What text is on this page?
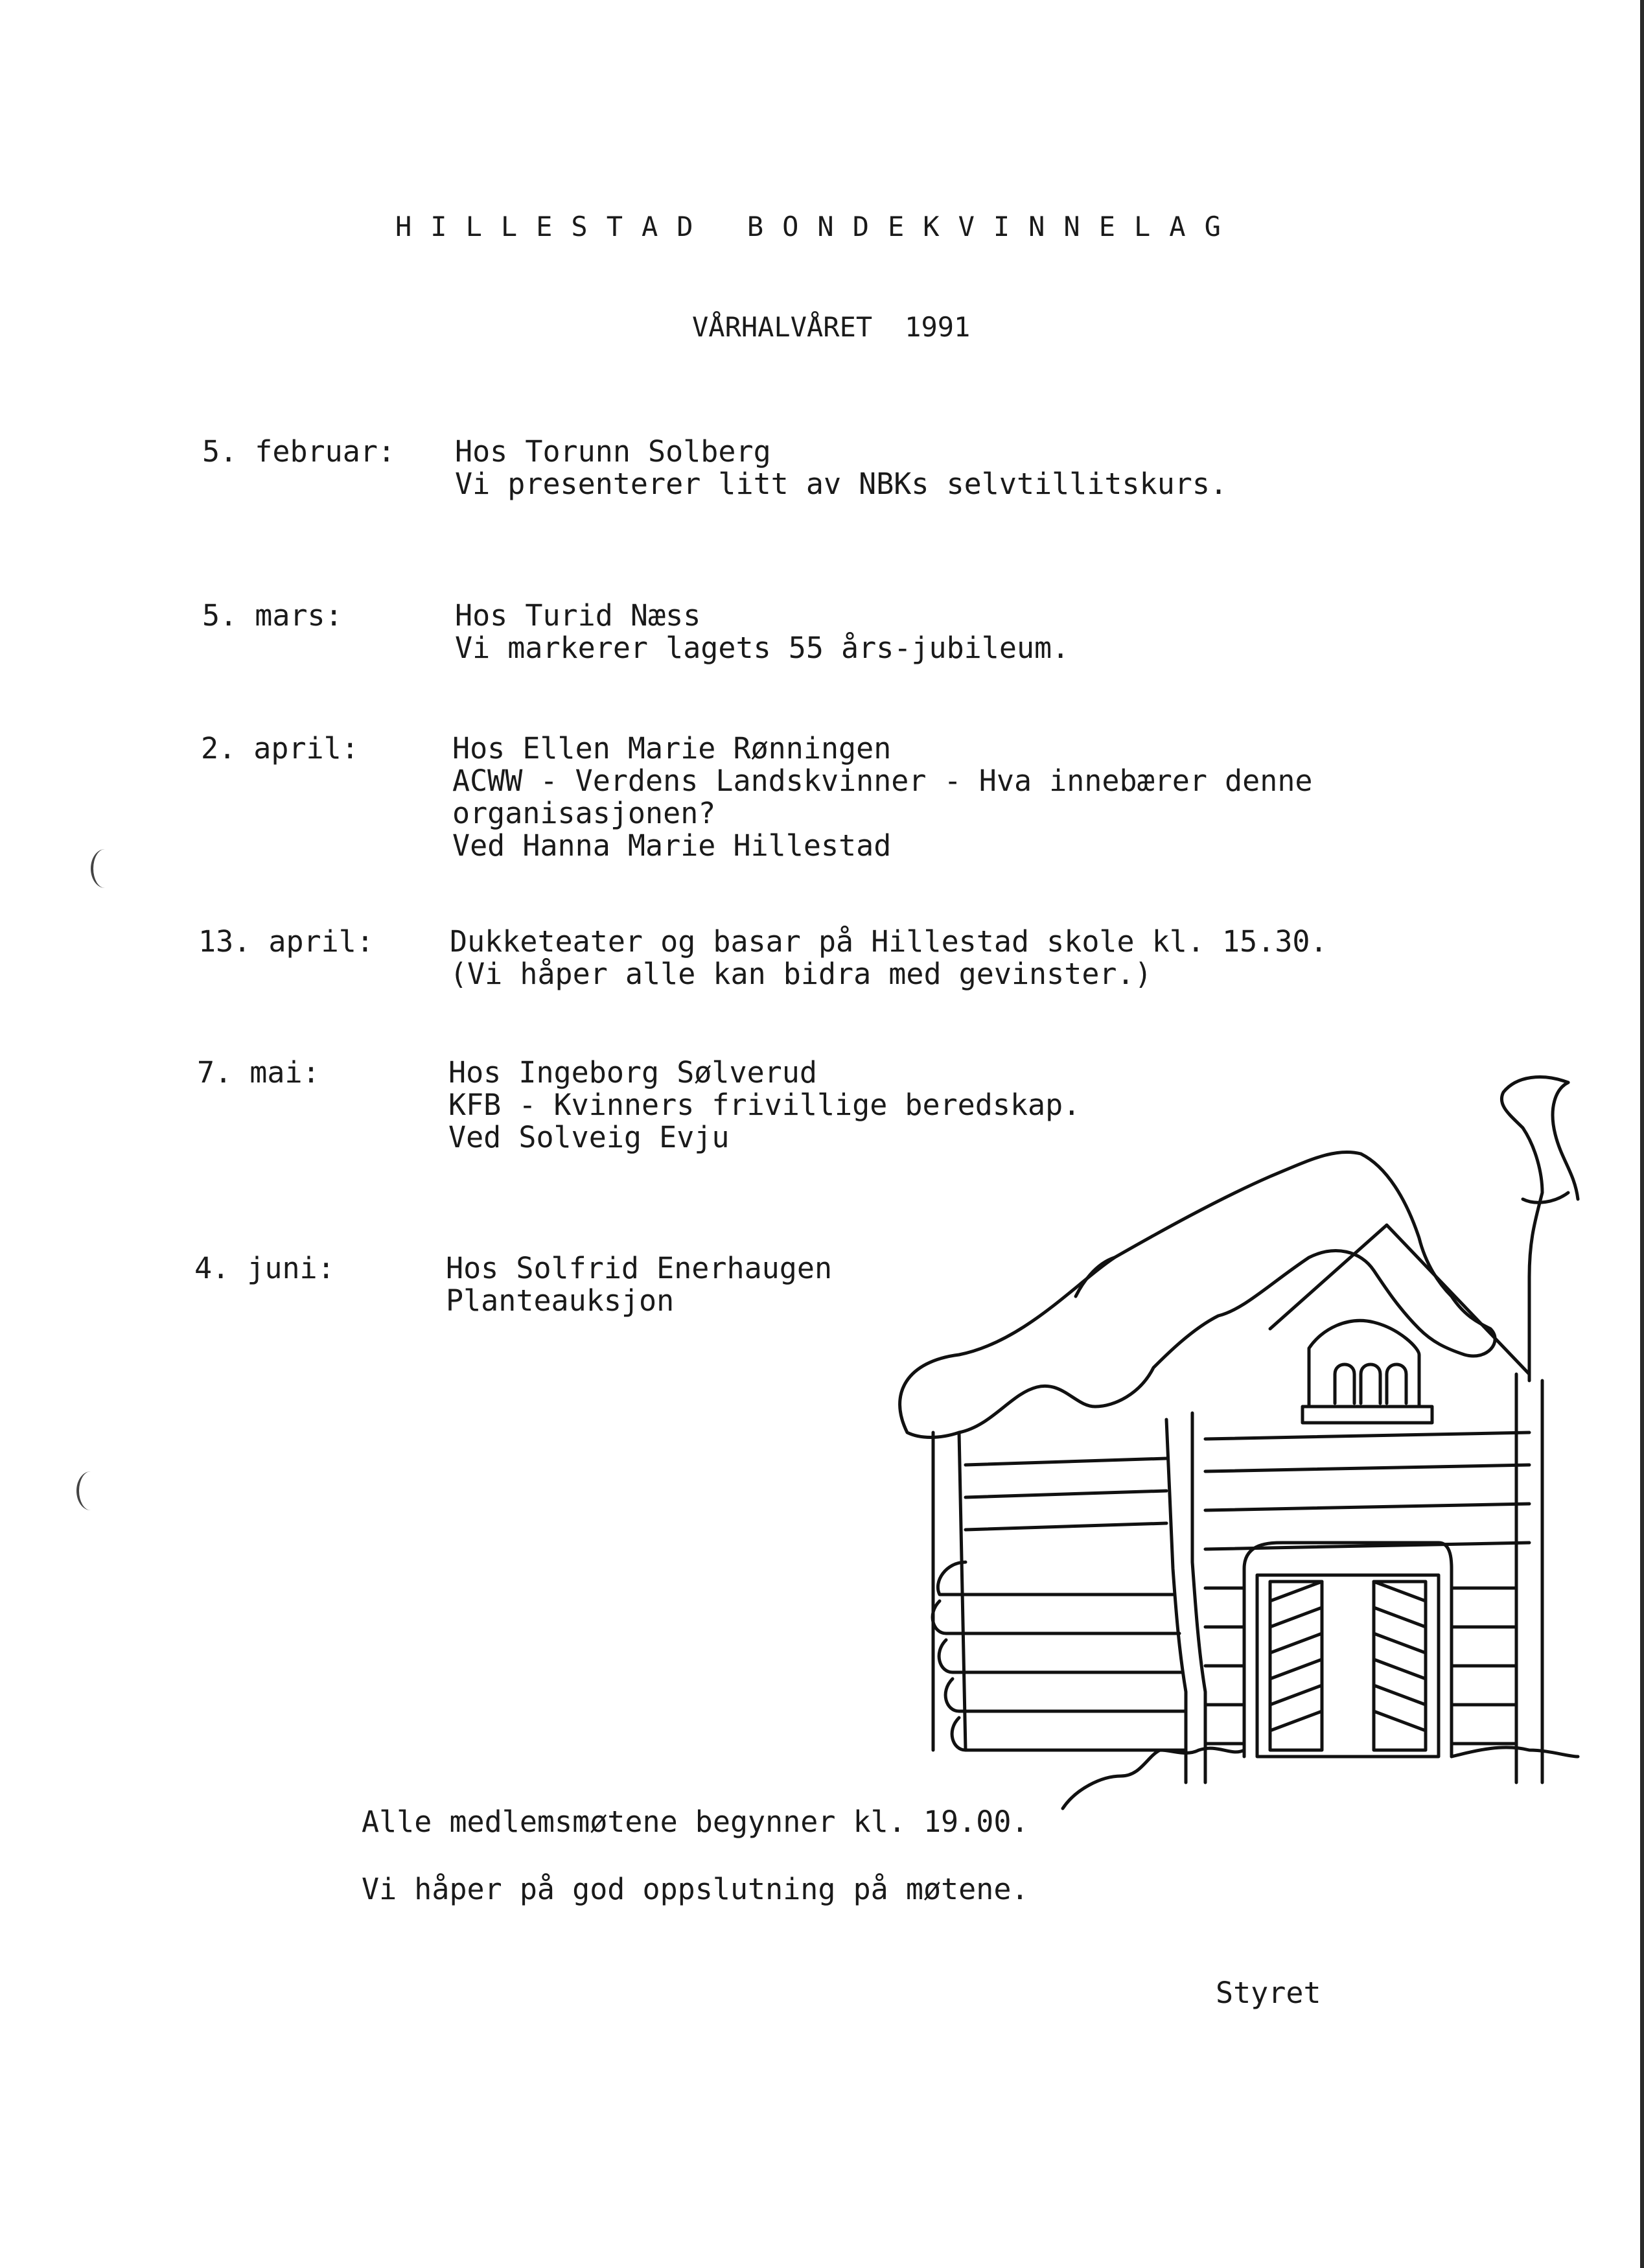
HILLESTAD BONDEKVINNELAG
VÅRHALVÅRET 1991
5. februar: Hos Torunn Solberg
Vi presenterer litt av NBKs selvtillitskurs.
5. mars:	Hos Turid Næss
Vi markerer lagets 55 års-jubileum.
2. april:	Hos Ellen Marie Rønningen
ACWW - Verdens Landskvinner - Hva innebærer denne
organisasjonen?
Ved Hanna Marie Hillestad
13. april:	Dukketeater og basar på Hillestad skole kl. 15.30.
(Vi håper alle kan bidra med gevinster.)
7. mai:	Hos Ingeborg Sølverud
KFB - Kvinners frivillige beredskap.
Ved Solveig Evju
4. juni:	Hos Solfrid Enerhaugen
Planteauksjon
Alle medlemsmøtene begynner kl. 19.00.
Vi håper på god oppslutning på møtene.
Styret
